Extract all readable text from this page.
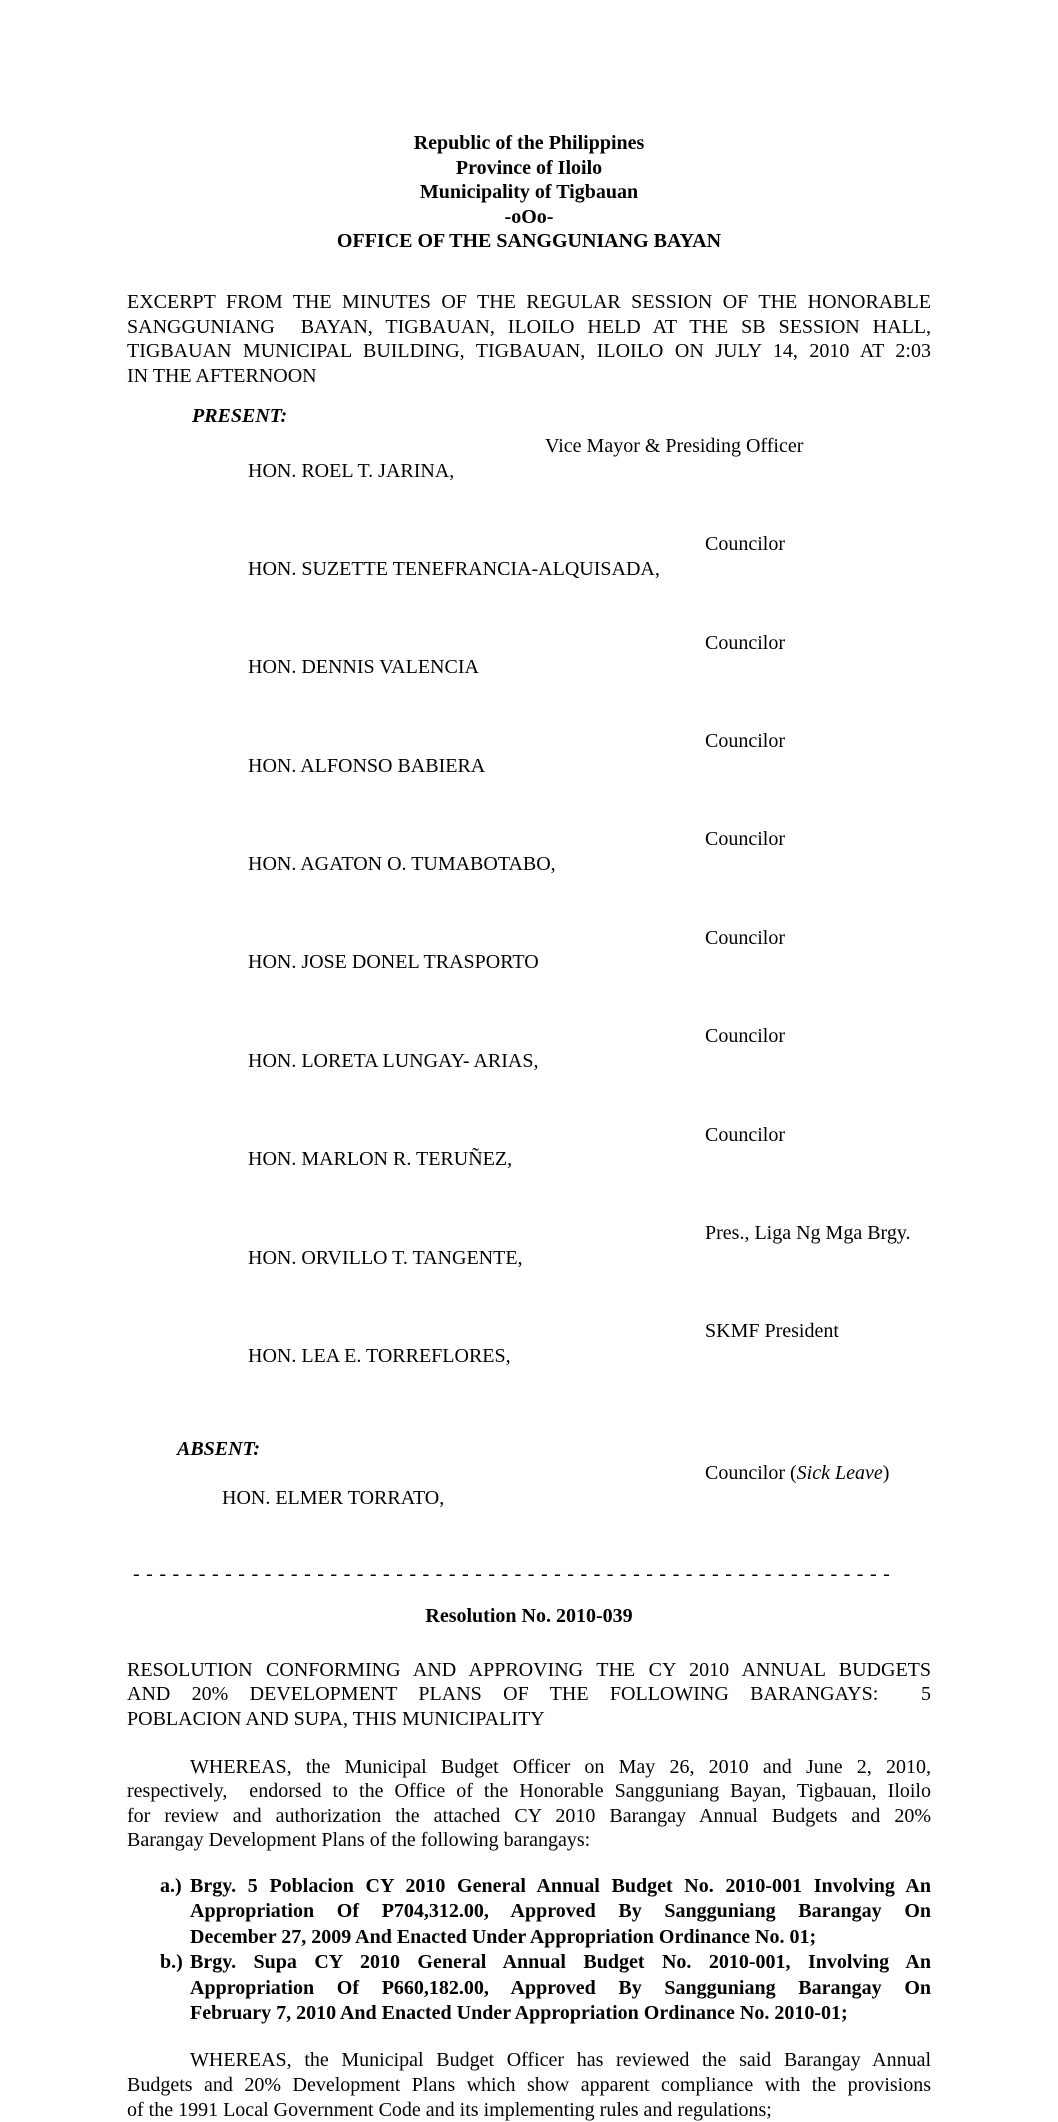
Republic of the Philippines
Province of Iloilo
Municipality of Tigbauan
-oOo-
OFFICE OF THE SANGGUNIANG BAYAN
EXCERPT FROM THE MINUTES OF THE REGULAR SESSION OF THE HONORABLE
SANGGUNIANG  BAYAN, TIGBAUAN, ILOILO HELD AT THE SB SESSION HALL,
TIGBAUAN MUNICIPAL BUILDING, TIGBAUAN, ILOILO ON JULY 14, 2010 AT 2:03
IN THE AFTERNOON
PRESENT:

HON. ROEL T. JARINA,

Vice Mayor & Presiding Officer

HON. SUZETTE TENEFRANCIA-ALQUISADA,

Councilor

HON. DENNIS VALENCIA

Councilor

HON. ALFONSO BABIERA

Councilor

HON. AGATON O. TUMABOTABO,

Councilor

HON. JOSE DONEL TRASPORTO

Councilor

HON. LORETA LUNGAY- ARIAS,

Councilor

HON. MARLON R. TERUÑEZ,

Councilor

HON. ORVILLO T. TANGENTE,

Pres., Liga Ng Mga Brgy.

HON. LEA E. TORREFLORES,

SKMF President

ABSENT:

HON. ELMER TORRATO,

Councilor (Sick Leave)

- - - - - - - - - - - - - - - - - - - - - - - - - - - - - - - - - - - - - - - - - - - - - - - - - - - - - - - - - -
Resolution No. 2010-039
RESOLUTION CONFORMING AND APPROVING THE CY 2010 ANNUAL BUDGETS
AND 20% DEVELOPMENT PLANS OF THE FOLLOWING BARANGAYS:  5
POBLACION AND SUPA, THIS MUNICIPALITY
WHEREAS, the Municipal Budget Officer on May 26, 2010 and June 2, 2010,
respectively,  endorsed to the Office of the Honorable Sangguniang Bayan, Tigbauan, Iloilo
for review and authorization the attached CY 2010 Barangay Annual Budgets and 20%
Barangay Development Plans of the following barangays:
a.) Brgy. 5 Poblacion CY 2010 General Annual Budget No. 2010-001 Involving An
Appropriation Of P704,312.00, Approved By Sangguniang Barangay On
December 27, 2009 And Enacted Under Appropriation Ordinance No. 01;
b.) Brgy. Supa CY 2010 General Annual Budget No. 2010-001, Involving An
Appropriation Of P660,182.00, Approved By Sangguniang Barangay On
February 7, 2010 And Enacted Under Appropriation Ordinance No. 2010-01;
WHEREAS, the Municipal Budget Officer has reviewed the said Barangay Annual
Budgets and 20% Development Plans which show apparent compliance with the provisions
of the 1991 Local Government Code and its implementing rules and regulations;
